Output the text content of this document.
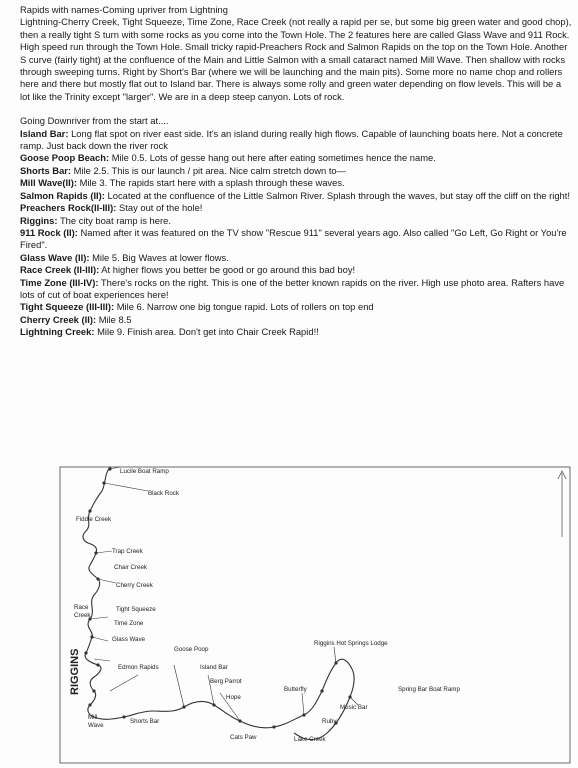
Rapids with names-Coming upriver from Lightning

Lightning-Cherry Creek, Tight Squeeze, Time Zone, Race Creek (not really a rapid per se, but some big green water and good chop), then a really tight S turn with some rocks as you come into the Town Hole. The 2 features here are called Glass Wave and 911 Rock. High speed run through the Town Hole. Small tricky rapid-Preachers Rock and Salmon Rapids on the top on the Town Hole. Another S curve (fairly tight) at the confluence of the Main and Little Salmon with a small cataract named Mill Wave. Then shallow with rocks through sweeping turns. Right by Short's Bar (where we will be launching and the main pits). Some more no name chop and rollers here and there but mostly flat out to Island bar. There is always some rolly and green water depending on flow levels. This will be a lot like the Trinity except "larger". We are in a deep steep canyon. Lots of rock.

Going Downriver from the start at....

Island Bar: Long flat spot on river east side. It's an island during really high flows. Capable of launching boats here. Not a concrete ramp. Just back down the river rock

Goose Poop Beach: Mile 0.5. Lots of gesse hang out here after eating sometimes hence the name.

Shorts Bar: Mile 2.5. This is our launch / pit area. Nice calm stretch down to—

Mill Wave(II): Mile 3. The rapids start here with a splash through these waves.

Salmon Rapids (II): Located at the confluence of the Little Salmon River. Splash through the waves, but stay off the cliff on the right!

Preachers Rock(II-III): Stay out of the hole!

Riggins: The city boat ramp is here.

911 Rock (II): Named after it was featured on the TV show "Rescue 911" several years ago. Also called "Go Left, Go Right or You're Fired".

Glass Wave (II): Mile 5. Big Waves at lower flows.

Race Creek (II-III): At higher flows you better be good or go around this bad boy!

Time Zone (III-IV): There's rocks on the right. This is one of the better known rapids on the river. High use photo area. Rafters have lots of cut of boat experiences here!

Tight Squeeze (III-III): Mile 6. Narrow one big tongue rapid. Lots of rollers on top end

Cherry Creek (II): Mile 8.5

Lightning Creek: Mile 9. Finish area. Don't get into Chair Creek Rapid!!

Lucile Boat Ramp
Black Rock
Fiddle Creek
Trap Creek
Chair Creek
Cherry Creek
Race
Creek
Tight Squeeze
Time Zone
Glass Wave
Goose Poop
Edmon Rapids	Island Bar
Berg Parrot
Hope
Mill
Wave
Shorts Bar
Riggins Hot Springs Lodge
Butterfly
Music Bar
Ruby
Cats Paw	Lake Creek
Spring Bar Boat Ramp
RIGGINS
